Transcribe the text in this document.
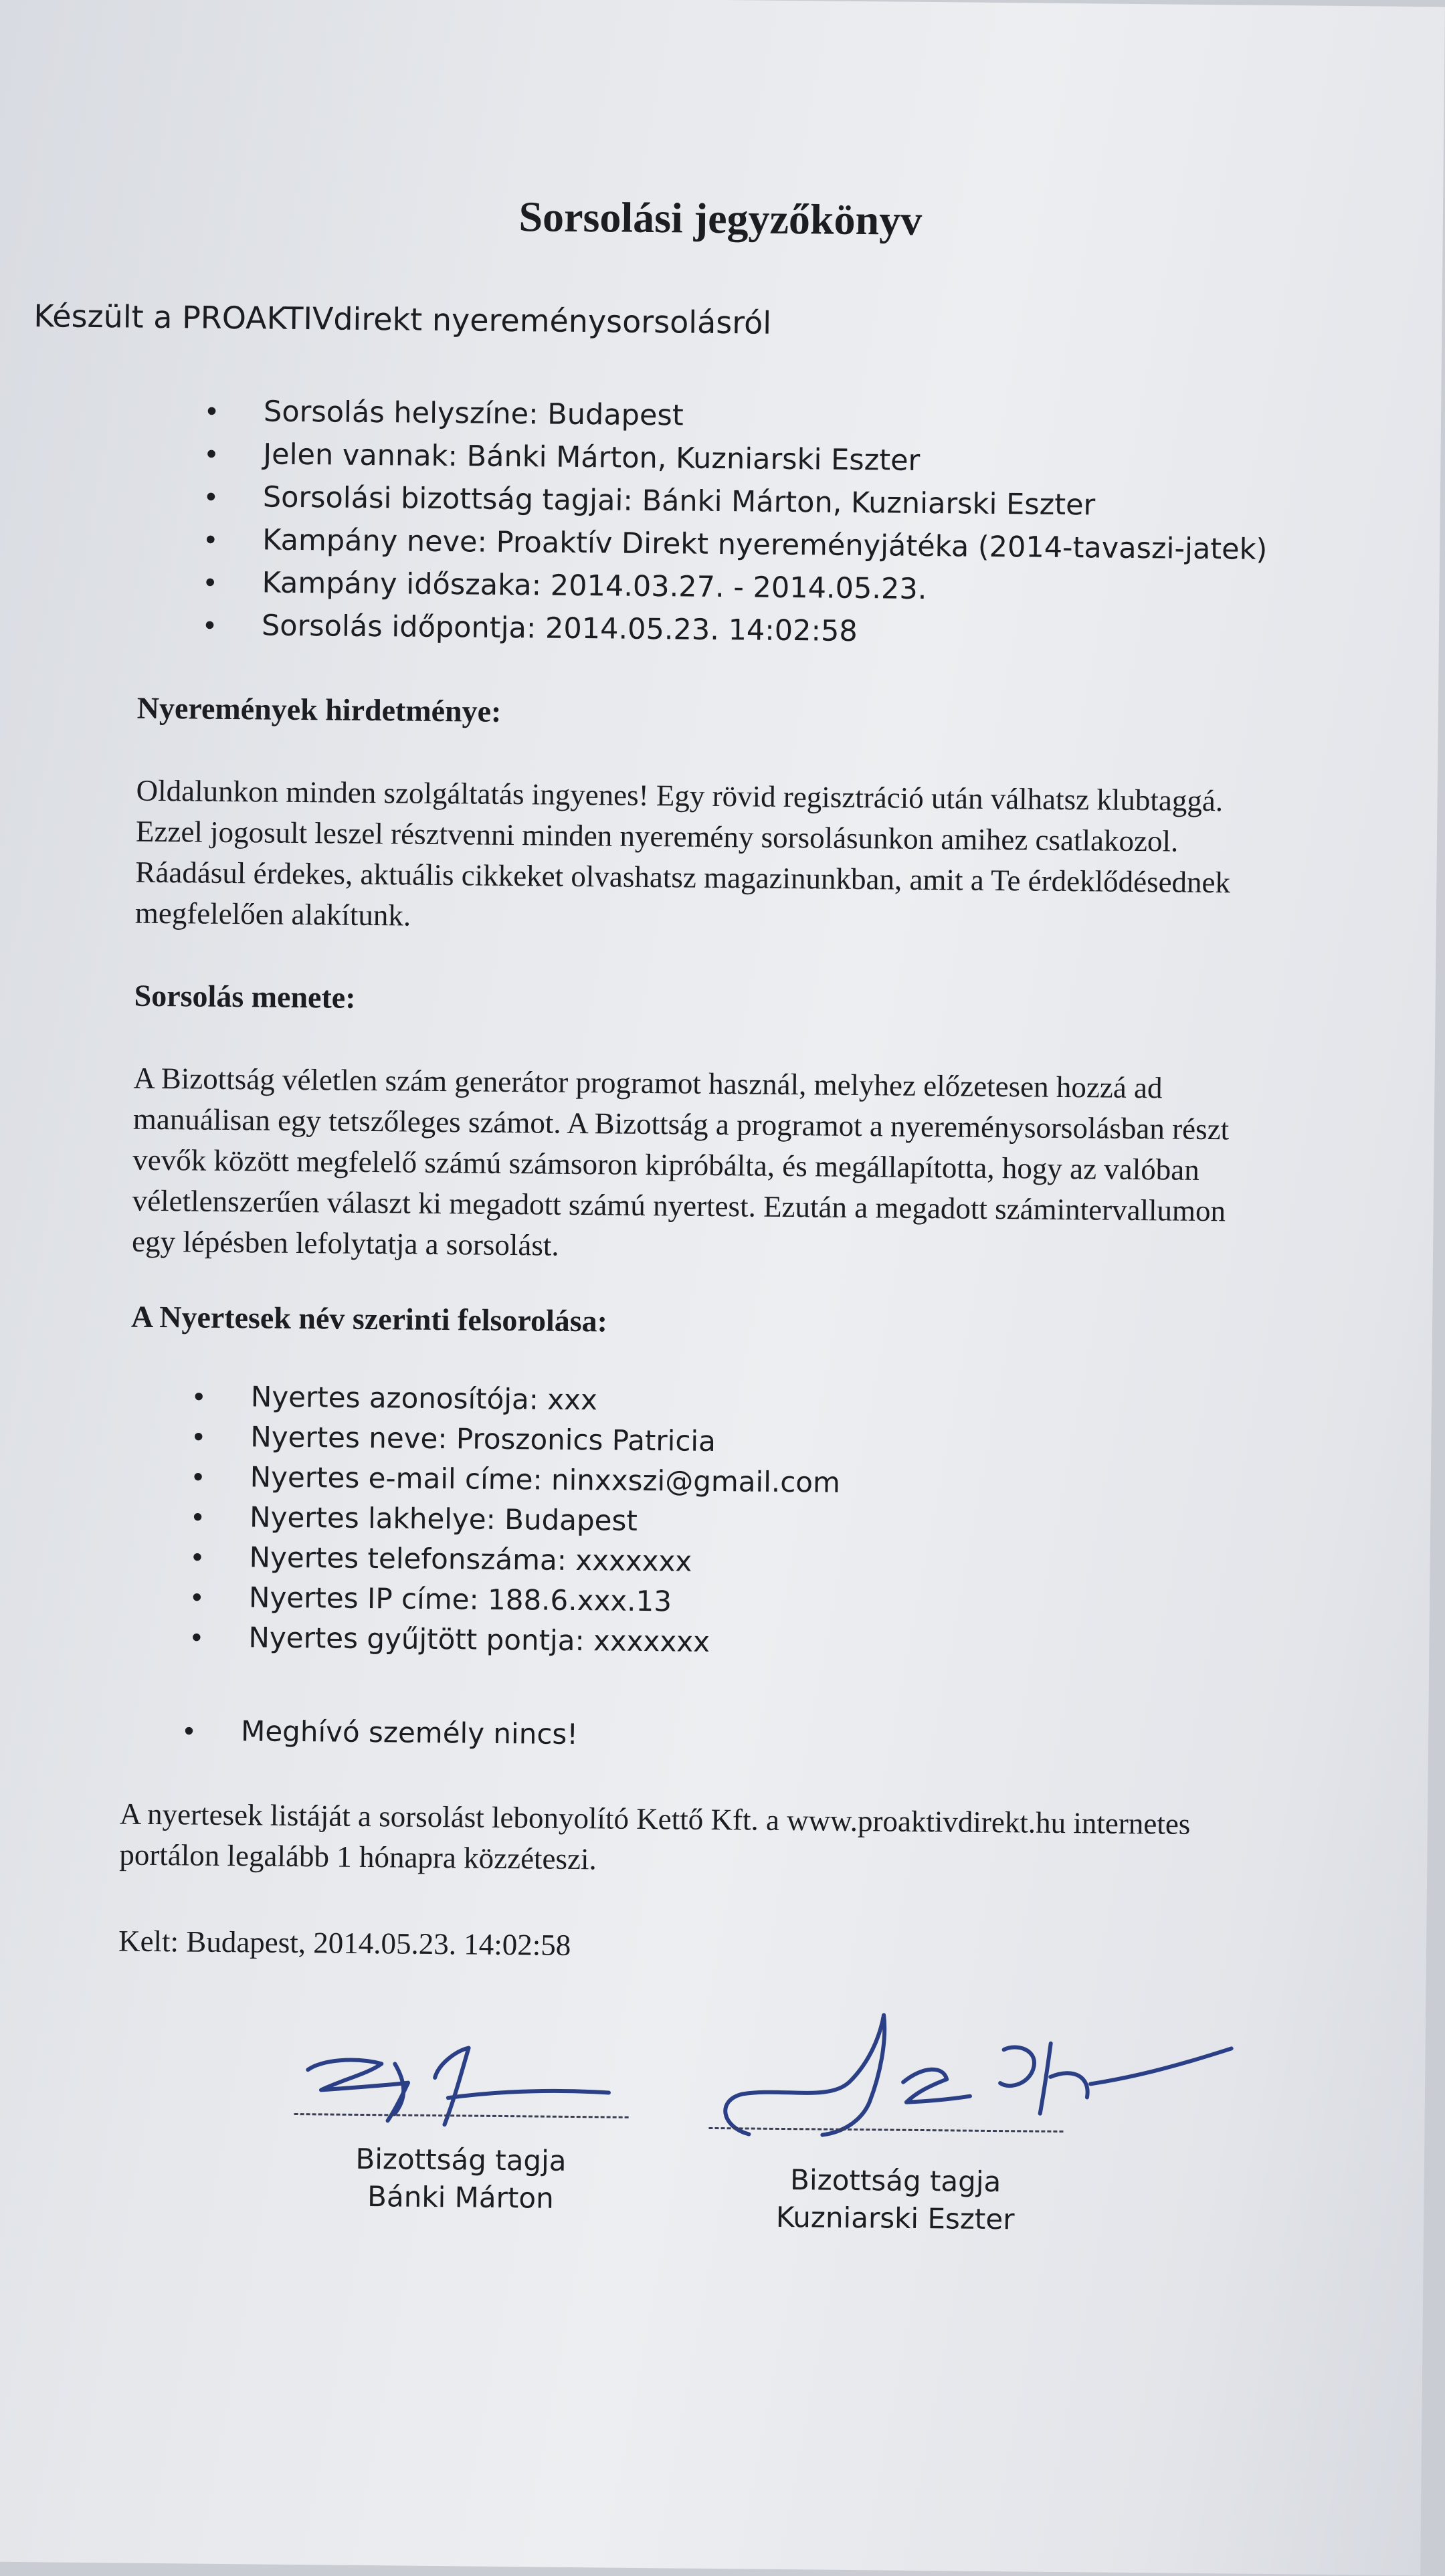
Sorsolási jegyzőkönyv
Készült a PROAKTIVdirekt nyereménysorsolásról
• Sorsolás helyszíne: Budapest
• Jelen vannak: Bánki Márton, Kuzniarski Eszter
• Sorsolási bizottság tagjai: Bánki Márton, Kuzniarski Eszter
• Kampány neve: Proaktív Direkt nyereményjátéka (2014-tavaszi-jatek)
• Kampány időszaka: 2014.03.27. - 2014.05.23.
• Sorsolás időpontja: 2014.05.23. 14:02:58
Nyeremények hirdetménye:

Oldalunkon minden szolgáltatás ingyenes! Egy rövid regisztráció után válhatsz klubtaggá.

Ezzel jogosult leszel résztvenni minden nyeremény sorsolásunkon amihez csatlakozol.

Ráadásul érdekes, aktuális cikkeket olvashatsz magazinunkban, amit a Te érdeklődésednek

megfelelően alakítunk.

Sorsolás menete:

A Bizottság véletlen szám generátor programot használ, melyhez előzetesen hozzá ad

manuálisan egy tetszőleges számot. A Bizottság a programot a nyereménysorsolásban részt

vevők között megfelelő számú számsoron kipróbálta, és megállapította, hogy az valóban

véletlenszerűen választ ki megadott számú nyertest. Ezután a megadott számintervallumon

egy lépésben lefolytatja a sorsolást.

A Nyertesek név szerinti felsorolása:
• Nyertes azonosítója: xxx
• Nyertes neve: Proszonics Patricia
• Nyertes e-mail címe: ninxxszi@gmail.com
• Nyertes lakhelye: Budapest
• Nyertes telefonszáma: xxxxxxx
• Nyertes IP címe: 188.6.xxx.13
• Nyertes gyűjtött pontja: xxxxxxx
• Meghívó személy nincs!

A nyertesek listáját a sorsolást lebonyolító Kettő Kft. a www.proaktivdirekt.hu internetes

portálon legalább 1 hónapra közzéteszi.

Kelt: Budapest, 2014.05.23. 14:02:58

Bizottság tagja
Bánki Márton	Bizottság tagja
Kuzniarski Eszter
